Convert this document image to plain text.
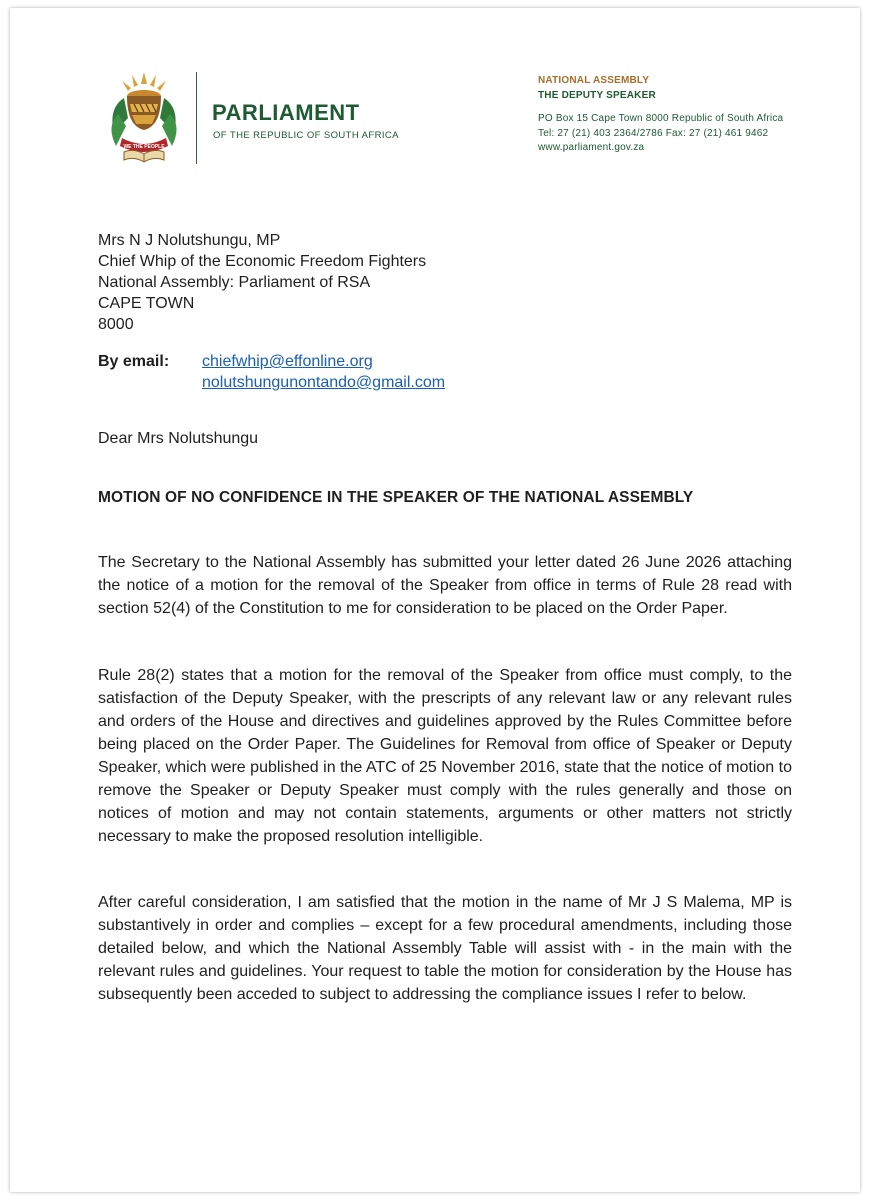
WE THE PEOPLE
PARLIAMENT
OF THE REPUBLIC OF SOUTH AFRICA
NATIONAL ASSEMBLY
THE DEPUTY SPEAKER
PO Box 15 Cape Town 8000 Republic of South Africa
Tel: 27 (21) 403 2364/2786 Fax: 27 (21) 461 9462
www.parliament.gov.za
Mrs N J Nolutshungu, MP
Chief Whip of the Economic Freedom Fighters
National Assembly: Parliament of RSA
CAPE TOWN
8000
By email: chiefwhip@effonline.org
nolutshungunontando@gmail.com
Dear Mrs Nolutshungu
MOTION OF NO CONFIDENCE IN THE SPEAKER OF THE NATIONAL ASSEMBLY
The Secretary to the National Assembly has submitted your letter dated 26 June 2026 attaching the notice of a motion for the removal of the Speaker from office in terms of Rule 28 read with section 52(4) of the Constitution to me for consideration to be placed on the Order Paper.
Rule 28(2) states that a motion for the removal of the Speaker from office must comply, to the satisfaction of the Deputy Speaker, with the prescripts of any relevant law or any relevant rules and orders of the House and directives and guidelines approved by the Rules Committee before being placed on the Order Paper. The Guidelines for Removal from office of Speaker or Deputy Speaker, which were published in the ATC of 25 November 2016, state that the notice of motion to remove the Speaker or Deputy Speaker must comply with the rules generally and those on notices of motion and may not contain statements, arguments or other matters not strictly necessary to make the proposed resolution intelligible.
After careful consideration, I am satisfied that the motion in the name of Mr J S Malema, MP is substantively in order and complies – except for a few procedural amendments, including those detailed below, and which the National Assembly Table will assist with - in the main with the relevant rules and guidelines. Your request to table the motion for consideration by the House has subsequently been acceded to subject to addressing the compliance issues I refer to below.
